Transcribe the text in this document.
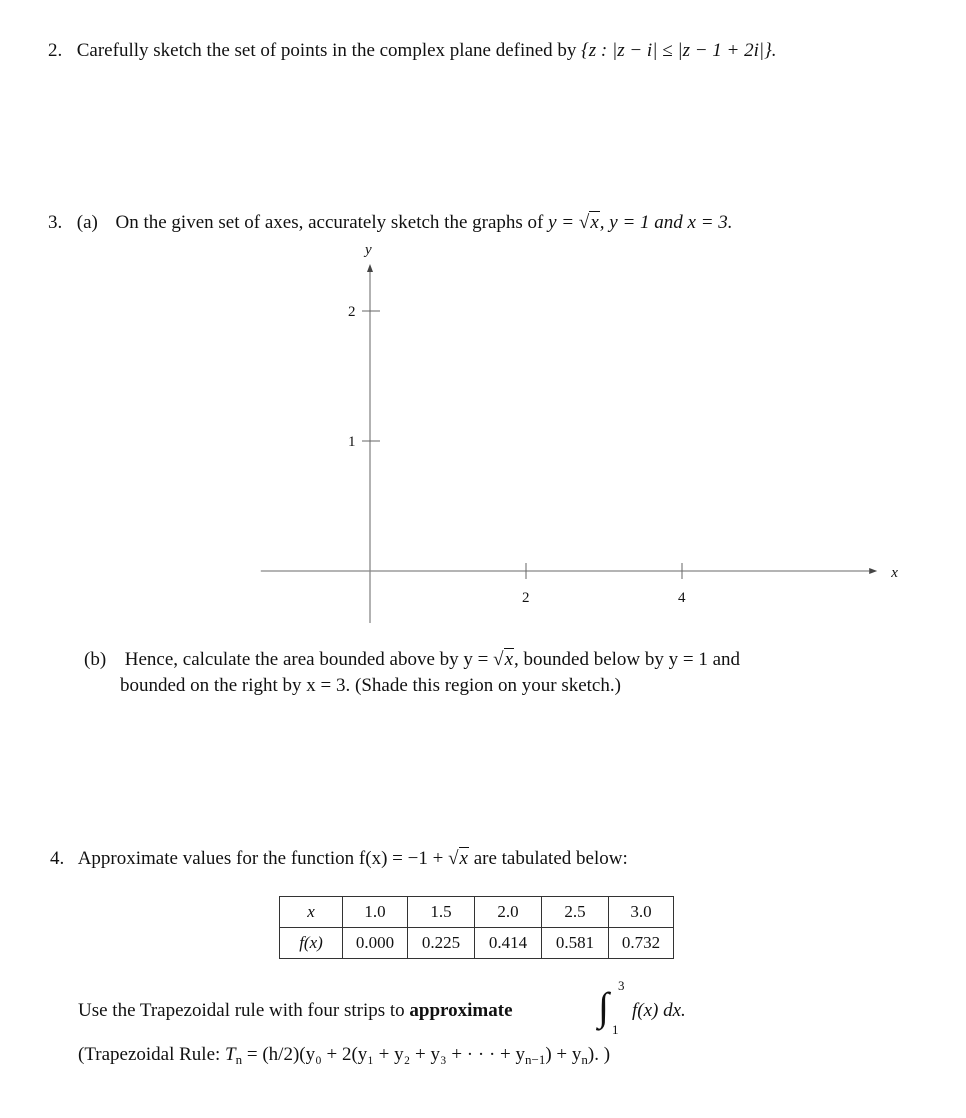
2. Carefully sketch the set of points in the complex plane defined by {z : |z − i| ≤ |z − 1 + 2i|}.
3. (a) On the given set of axes, accurately sketch the graphs of y = √x, y = 1 and x = 3.
x
y
2	4
1
2
(b) Hence, calculate the area bounded above by y = √x, bounded below by y = 1 and
bounded on the right by x = 3. (Shade this region on your sketch.)
4. Approximate values for the function f(x) = −1 + √x are tabulated below:
x	1.0	1.5	2.0	2.5	3.0
f(x)	0.000	0.225	0.414	0.581	0.732
Use the Trapezoidal rule with four strips to approximate ∫ 3
1
f(x) dx.
(Trapezoidal Rule: $T_n = (h/2)(y_0 + 2(y_1 + y_2 + y_3$ + · · · + $y_{n-1}) + y_n$). )
